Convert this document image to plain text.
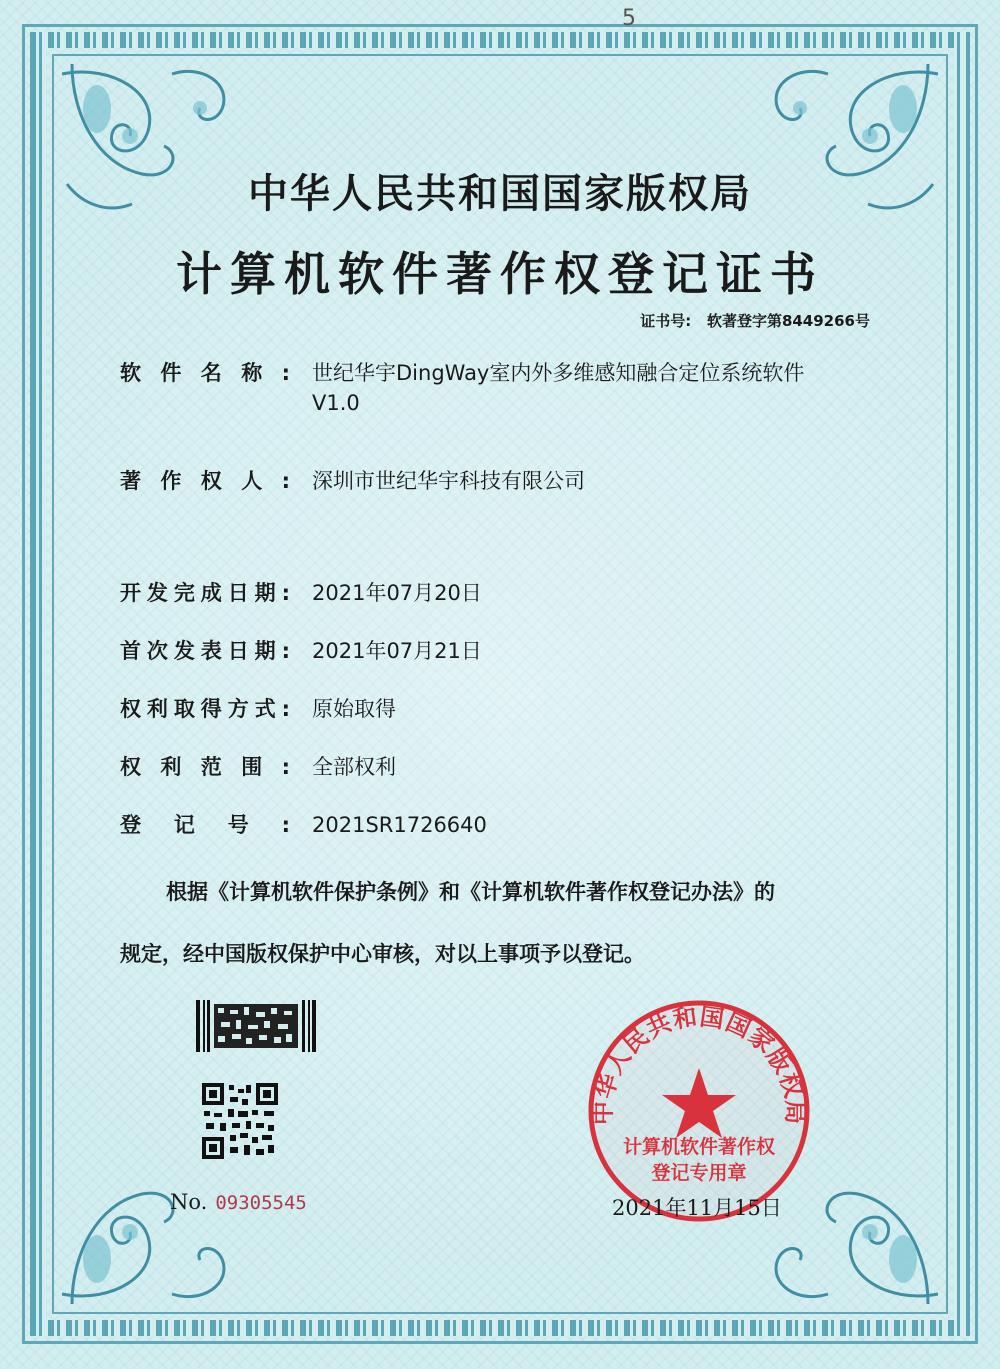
5
中华人民共和国国家版权局
计算机软件著作权登记证书
证书号: 软著登字第8449266号
软件名称: 世纪华宇DingWay室内外多维感知融合定位系统软件
V1.0
著作权人: 深圳市世纪华宇科技有限公司
开发完成日期: 2021年07月20日
首次发表日期: 2021年07月21日
权利取得方式: 原始取得
权利范围: 全部权利
登记号: 2021SR1726640

根据《计算机软件保护条例》和《计算机软件著作权登记办法》的

规定，经中国版权保护中心审核，对以上事项予以登记。

No. 09305545
中华人民共和国国家版权局
计算机软件著作权
登记专用章
2021年11月15日
